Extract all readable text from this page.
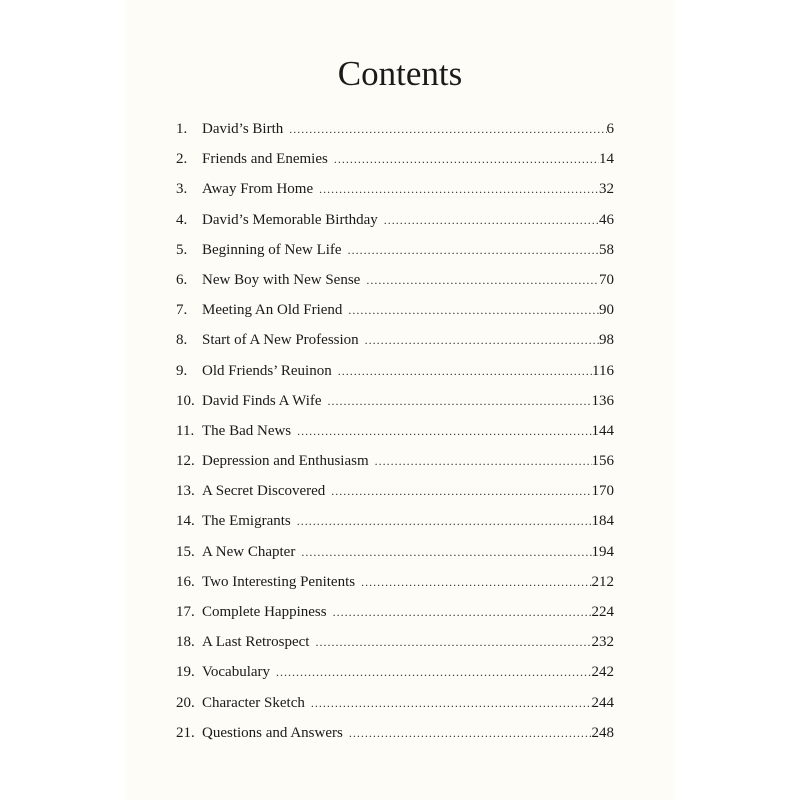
Contents
1. David’s Birth .....	6
2. Friends and Enemies .....	14
3. Away From Home .....	32
4. David’s Memorable Birthday .....	46
5. Beginning of New Life .....	58
6. New Boy with New Sense .....	70
7. Meeting An Old Friend .....	90
8. Start of A New Profession .....	98
9. Old Friends’ Reuinon .....	116
10. David Finds A Wife .....	136
11. The Bad News .....	144
12. Depression and Enthusiasm .....	156
13. A Secret Discovered .....	170
14. The Emigrants .....	184
15. A New Chapter .....	194
16. Two Interesting Penitents .....	212
17. Complete Happiness .....	224
18. A Last Retrospect .....	232
19. Vocabulary .....	242
20. Character Sketch .....	244
21. Questions and Answers .....	248
